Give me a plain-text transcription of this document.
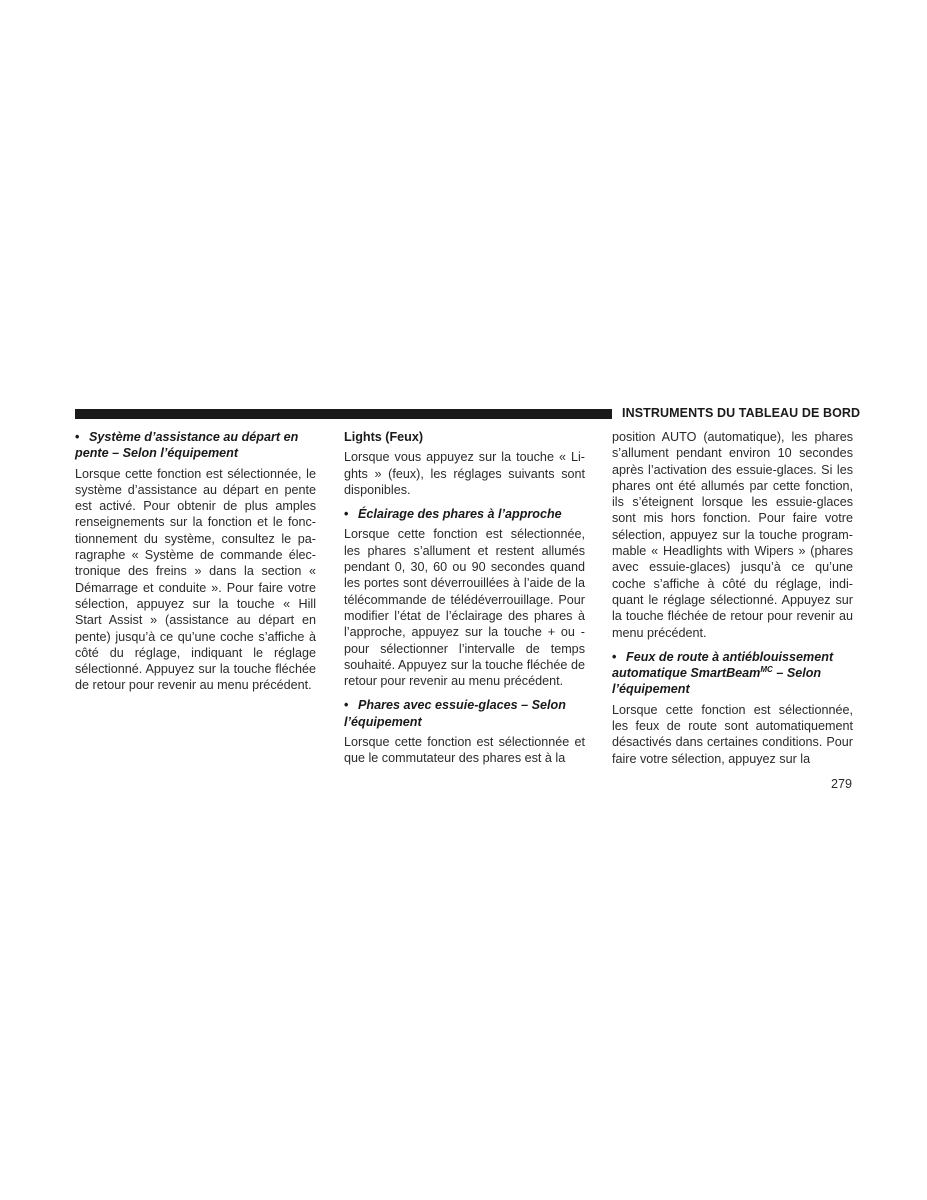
INSTRUMENTS DU TABLEAU DE BORD
• Système d’assistance au départ en pente – Selon l’équipement

Lorsque cette fonction est sélectionnée, le système d’assistance au départ en pente est activé. Pour obtenir de plus amples renseignements sur la fonction et le fonctionnement du système, consultez le paragraphe « Système de commande électronique des freins » dans la section « Démarrage et conduite ». Pour faire votre sélection, appuyez sur la touche « Hill Start Assist » (assistance au départ en pente) jusqu’à ce qu’une coche s’affiche à côté du réglage, indiquant le réglage sélectionné. Appuyez sur la touche fléchée de retour pour revenir au menu précédent.

Lights (Feux)

Lorsque vous appuyez sur la touche « Lights » (feux), les réglages suivants sont disponibles.

• Éclairage des phares à l’approche

Lorsque cette fonction est sélectionnée, les phares s’allument et restent allumés pendant 0, 30, 60 ou 90 secondes quand les portes sont déverrouillées à l’aide de la télécommande de télédéverrouillage. Pour modifier l’état de l’éclairage des phares à l’approche, appuyez sur la touche + ou - pour sélectionner l’intervalle de temps souhaité. Appuyez sur la touche fléchée de retour pour revenir au menu précédent.

• Phares avec essuie-glaces – Selon l’équipement

Lorsque cette fonction est sélectionnée et que le commutateur des phares est à la

position AUTO (automatique), les phares s’allument pendant environ 10 secondes après l’activation des essuie-glaces. Si les phares ont été allumés par cette fonction, ils s’éteignent lorsque les essuie-glaces sont mis hors fonction. Pour faire votre sélection, appuyez sur la touche programmable « Headlights with Wipers » (phares avec essuie-glaces) jusqu’à ce qu’une coche s’affiche à côté du réglage, indiquant le réglage sélectionné. Appuyez sur la touche fléchée de retour pour revenir au menu précédent.

• Feux de route à antiéblouissement automatique SmartBeam$^{MC}$ – Selon l’équipement

Lorsque cette fonction est sélectionnée, les feux de route sont automatiquement désactivés dans certaines conditions. Pour faire votre sélection, appuyez sur la

279
